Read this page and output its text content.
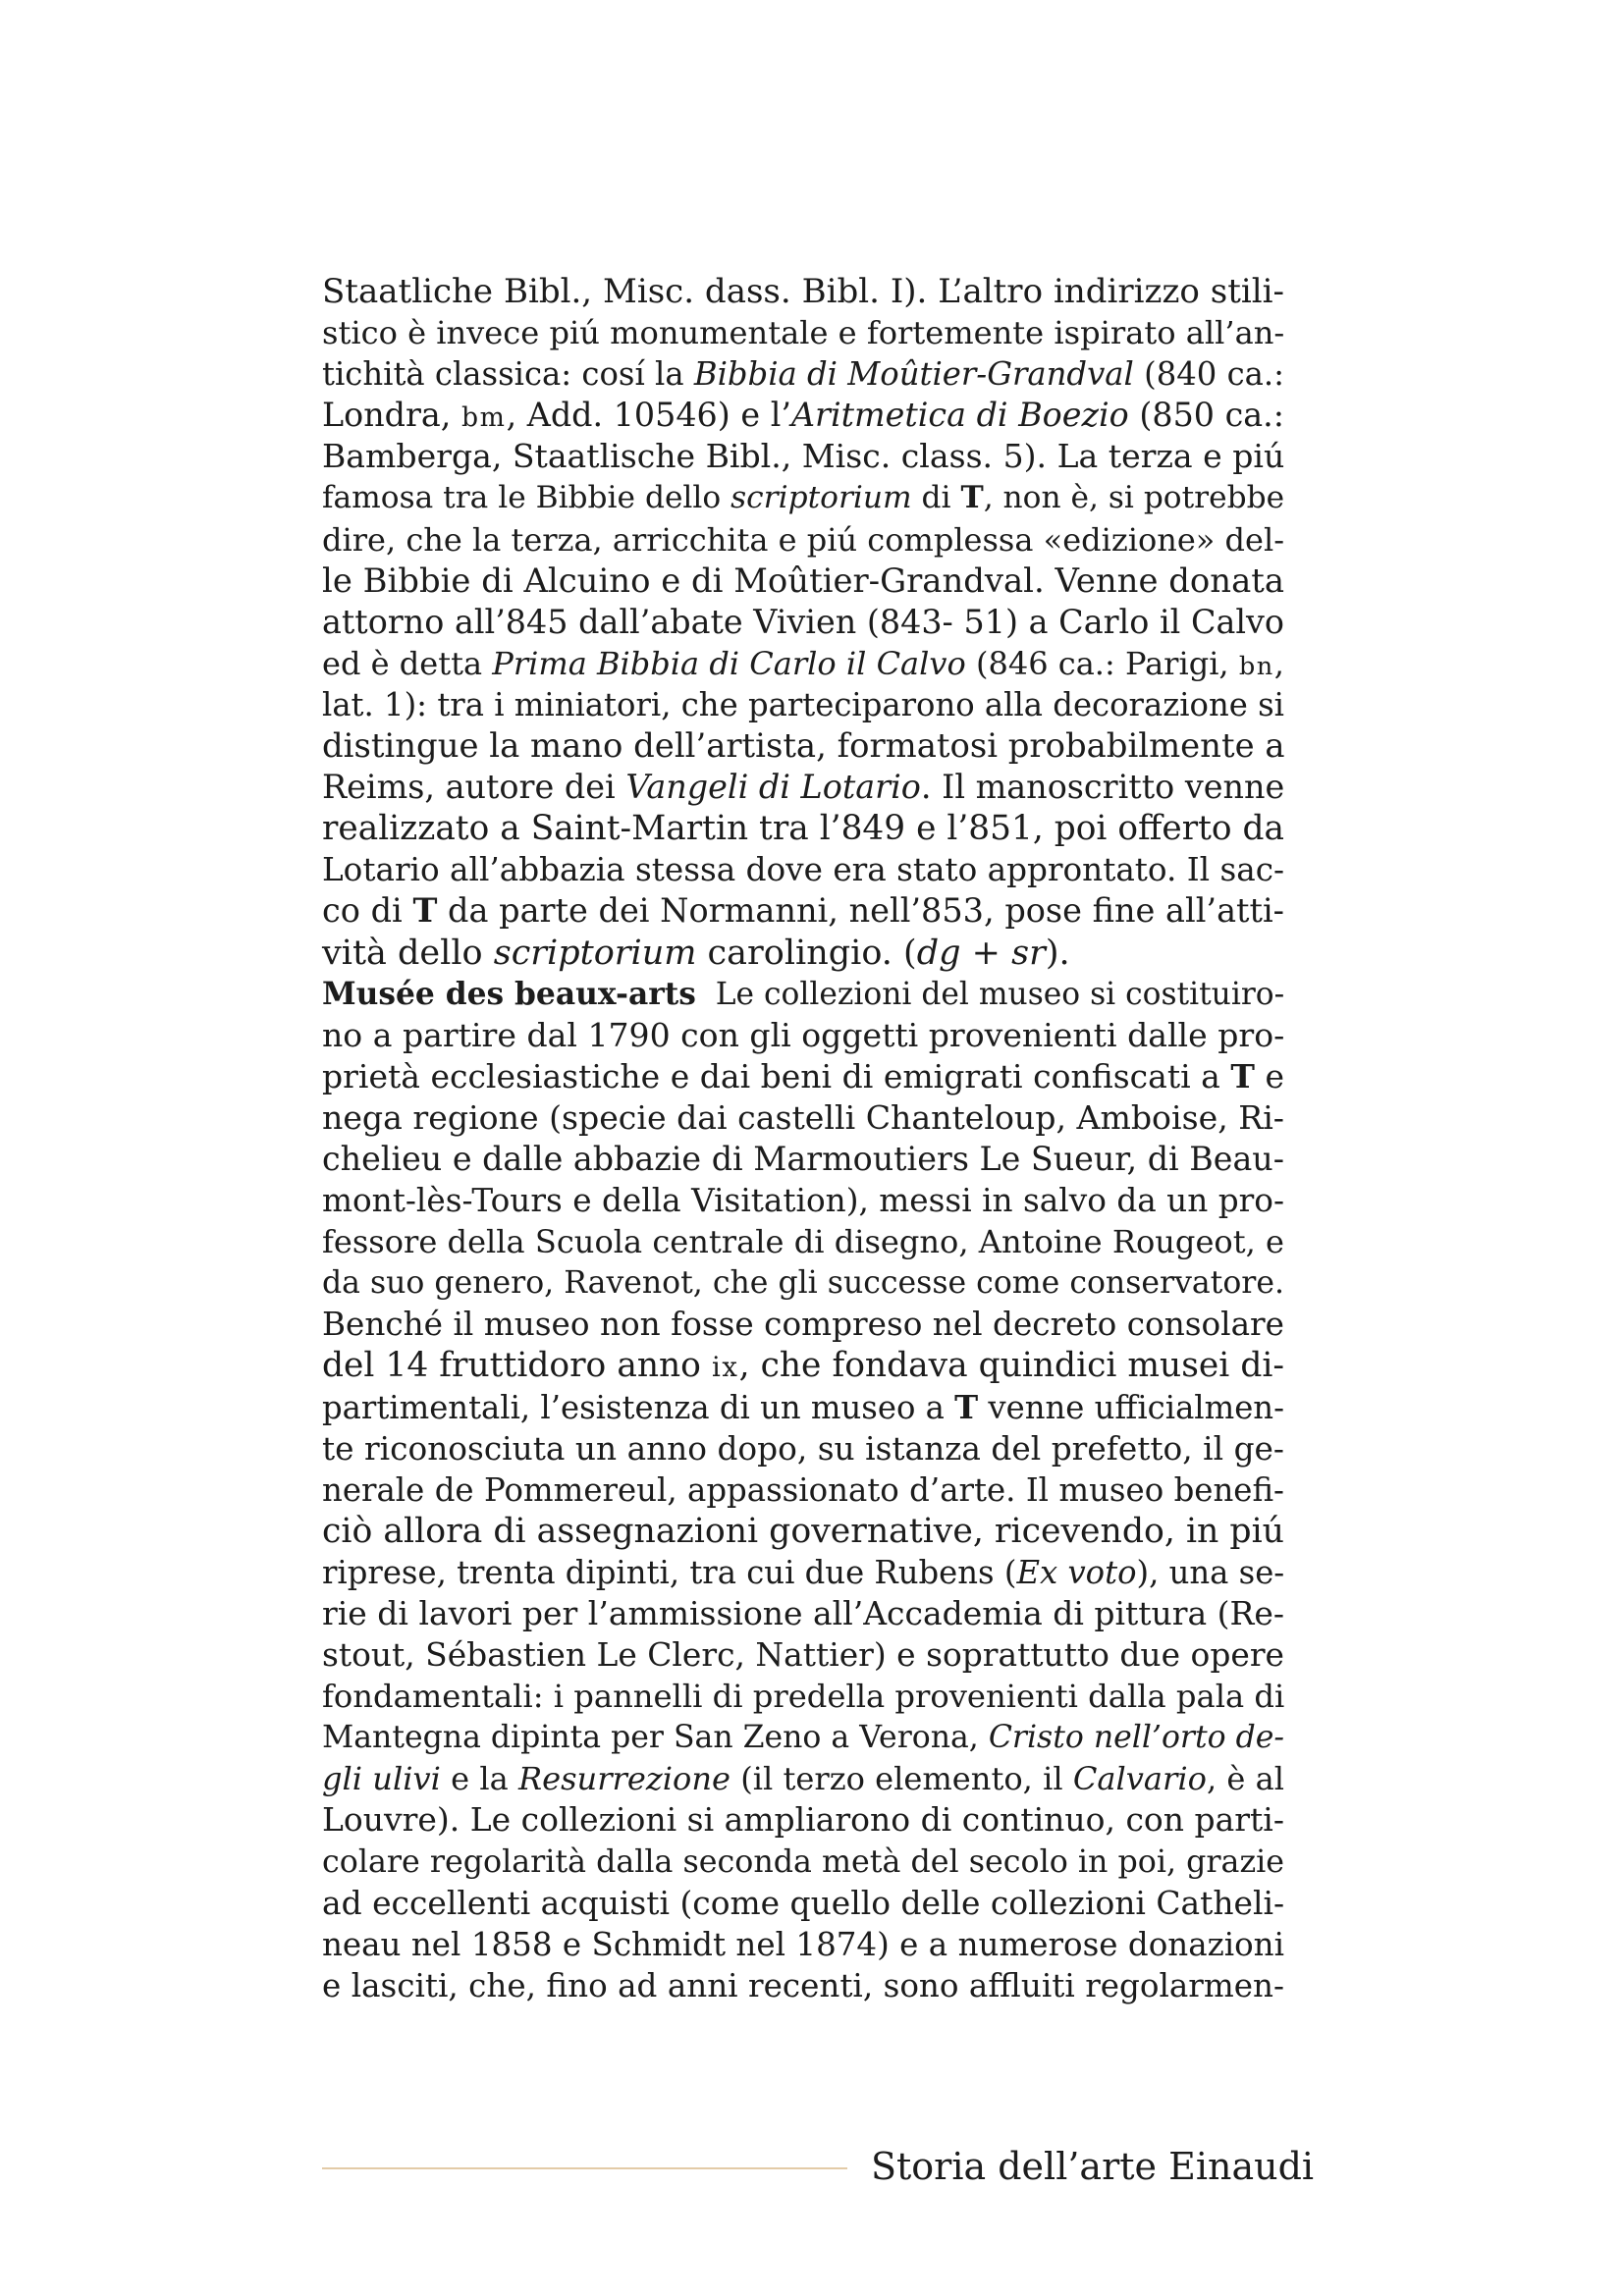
Staatliche Bibl., Misc. dass. Bibl. I). L’altro indirizzo stili-
stico è invece piú monumentale e fortemente ispirato all’an-
tichità classica: cosí la Bibbia di Moûtier-Grandval (840 ca.:
Londra, bm, Add. 10546) e l’Aritmetica di Boezio (850 ca.:
Bamberga, Staatlische Bibl., Misc. class. 5). La terza e piú
famosa tra le Bibbie dello scriptorium di T, non è, si potrebbe
dire, che la terza, arricchita e piú complessa «edizione» del-
le Bibbie di Alcuino e di Moûtier-Grandval. Venne donata
attorno all’845 dall’abate Vivien (843- 51) a Carlo il Calvo
ed è detta Prima Bibbia di Carlo il Calvo (846 ca.: Parigi, bn,
lat. 1): tra i miniatori, che parteciparono alla decorazione si
distingue la mano dell’artista, formatosi probabilmente a
Reims, autore dei Vangeli di Lotario. Il manoscritto venne
realizzato a Saint-Martin tra l’849 e l’851, poi offerto da
Lotario all’abbazia stessa dove era stato approntato. Il sac-
co di T da parte dei Normanni, nell’853, pose fine all’atti-
vità dello scriptorium carolingio. (dg + sr).
Musée des beaux-arts  Le collezioni del museo si costituiro-
no a partire dal 1790 con gli oggetti provenienti dalle pro-
prietà ecclesiastiche e dai beni di emigrati confiscati a T e
nega regione (specie dai castelli Chanteloup, Amboise, Ri-
chelieu e dalle abbazie di Marmoutiers Le Sueur, di Beau-
mont-lès-Tours e della Visitation), messi in salvo da un pro-
fessore della Scuola centrale di disegno, Antoine Rougeot, e
da suo genero, Ravenot, che gli successe come conservatore.
Benché il museo non fosse compreso nel decreto consolare
del 14 fruttidoro anno ix, che fondava quindici musei di-
partimentali, l’esistenza di un museo a T venne ufficialmen-
te riconosciuta un anno dopo, su istanza del prefetto, il ge-
nerale de Pommereul, appassionato d’arte. Il museo benefi-
ciò allora di assegnazioni governative, ricevendo, in piú
riprese, trenta dipinti, tra cui due Rubens (Ex voto), una se-
rie di lavori per l’ammissione all’Accademia di pittura (Re-
stout, Sébastien Le Clerc, Nattier) e soprattutto due opere
fondamentali: i pannelli di predella provenienti dalla pala di
Mantegna dipinta per San Zeno a Verona, Cristo nell’orto de-
gli ulivi e la Resurrezione (il terzo elemento, il Calvario, è al
Louvre). Le collezioni si ampliarono di continuo, con parti-
colare regolarità dalla seconda metà del secolo in poi, grazie
ad eccellenti acquisti (come quello delle collezioni Catheli-
neau nel 1858 e Schmidt nel 1874) e a numerose donazioni
e lasciti, che, fino ad anni recenti, sono affluiti regolarmen-
Storia dell’arte Einaudi
